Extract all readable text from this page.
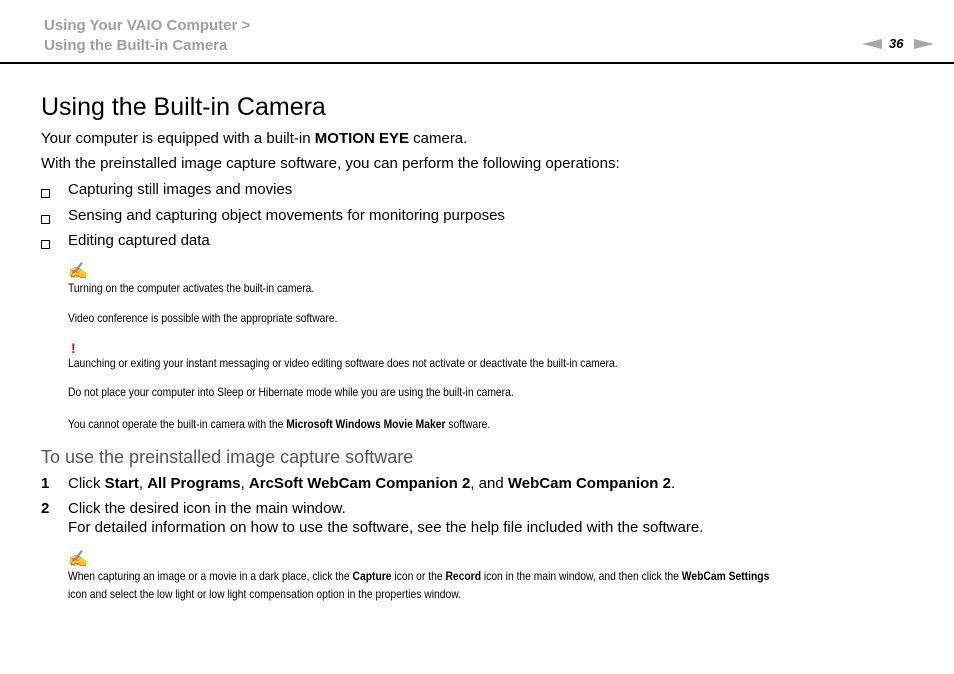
Using Your VAIO Computer >
Using the Built-in Camera	36
Using the Built-in Camera
Your computer is equipped with a built-in MOTION EYE camera.
With the preinstalled image capture software, you can perform the following operations:
Capturing still images and movies
Sensing and capturing object movements for monitoring purposes
Editing captured data
✍
Turning on the computer activates the built-in camera.
Video conference is possible with the appropriate software.
!
Launching or exiting your instant messaging or video editing software does not activate or deactivate the built-in camera.
Do not place your computer into Sleep or Hibernate mode while you are using the built-in camera.
You cannot operate the built-in camera with the Microsoft Windows Movie Maker software.
To use the preinstalled image capture software
1 Click Start, All Programs, ArcSoft WebCam Companion 2, and WebCam Companion 2.
2 Click the desired icon in the main window.
For detailed information on how to use the software, see the help file included with the software.
✍
When capturing an image or a movie in a dark place, click the Capture icon or the Record icon in the main window, and then click the WebCam Settings
icon and select the low light or low light compensation option in the properties window.
